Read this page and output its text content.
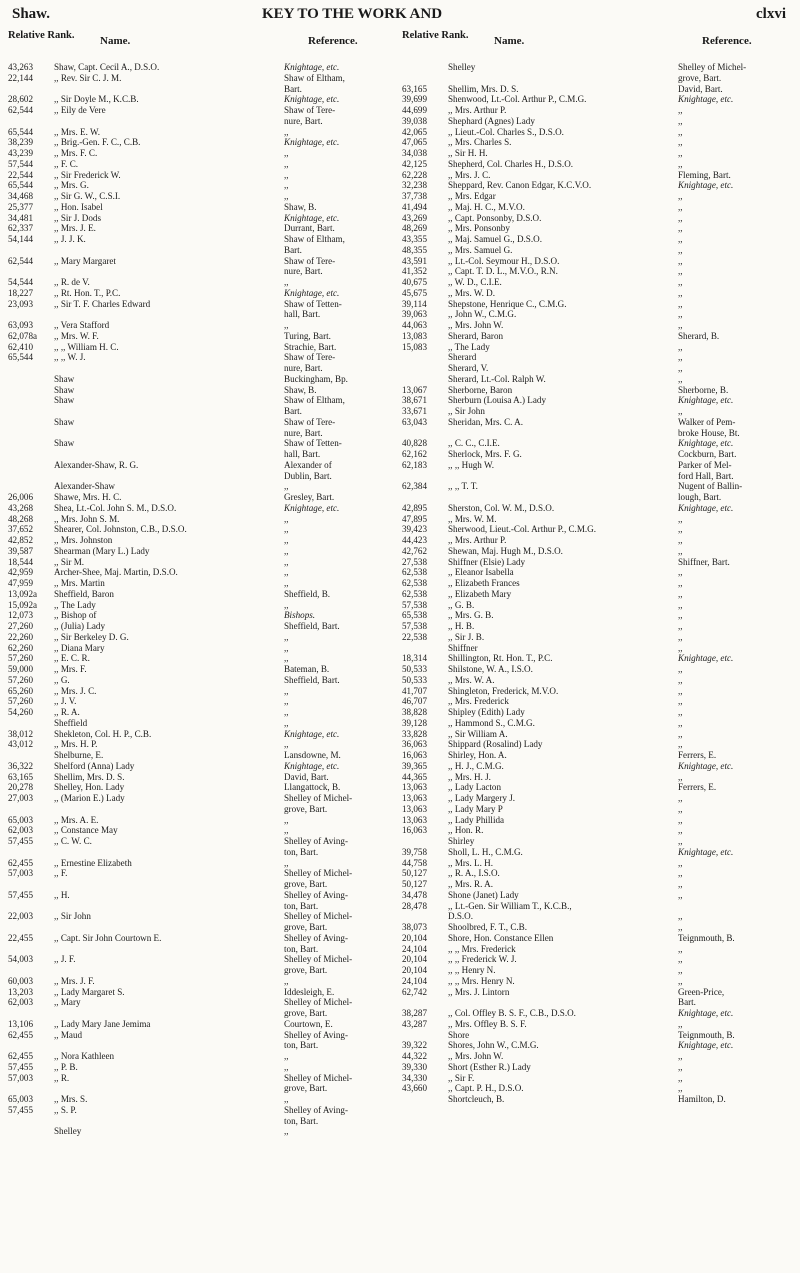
Shaw.	KEY TO THE WORK AND	clxvi
Relative Rank. Name.	Reference.
43,263	Shaw, Capt. Cecil A., D.S.O.	Knightage, etc.
22,144	,, Rev. Sir C. J. M.	Shaw of Eltham,
Bart.
28,602	,, Sir Doyle M., K.C.B.	Knightage, etc.
62,544	,, Eily de Vere	Shaw of Tere-
nure, Bart.
65,544	,, Mrs. E. W.	,,
38,239	,, Brig.-Gen. F. C., C.B.	Knightage, etc.
43,239	,, Mrs. F. C.	,,
57,544	,, F. C.	,,
22,544	,, Sir Frederick W.	,,
65,544	,, Mrs. G.	,,
34,468	,, Sir G. W., C.S.I.	,,
25,377	,, Hon. Isabel	Shaw, B.
34,481	,, Sir J. Dods	Knightage, etc.
62,337	,, Mrs. J. E.	Durrant, Bart.
54,144	,, J. J. K.	Shaw of Eltham,
Bart.
62,544	,, Mary Margaret	Shaw of Tere-
nure, Bart.
54,544	,, R. de V.	,,
18,227	,, Rt. Hon. T., P.C.	Knightage, etc.
23,093	,, Sir T. F. Charles Edward	Shaw of Tetten-
hall, Bart.
63,093	,, Vera Stafford	,,
62,078a	,, Mrs. W. F.	Turing, Bart.
62,410	,, ,, William H. C.	Strachie, Bart.
65,544	,, ,, W. J.	Shaw of Tere-
nure, Bart.
Shaw	Buckingham, Bp.
Shaw	Shaw, B.
Shaw	Shaw of Eltham,
Bart.
Shaw	Shaw of Tere-
nure, Bart.
Shaw	Shaw of Tetten-
hall, Bart.
Alexander-Shaw, R. G.	Alexander of
Dublin, Bart.
Alexander-Shaw	,,
26,006	Shawe, Mrs. H. C.	Gresley, Bart.
43,268	Shea, Lt.-Col. John S. M., D.S.O.	Knightage, etc.
48,268	,, Mrs. John S. M.	,,
37,652	Shearer, Col. Johnston, C.B., D.S.O.	,,
42,852	,, Mrs. Johnston	,,
39,587	Shearman (Mary L.) Lady	,,
18,544	,, Sir M.	,,
42,959	Archer-Shee, Maj. Martin, D.S.O.	,,
47,959	,, Mrs. Martin	,,
13,092a	Sheffield, Baron	Sheffield, B.
15,092a	,, The Lady	,,
12,073	,, Bishop of	Bishops.
27,260	,, (Julia) Lady	Sheffield, Bart.
22,260	,, Sir Berkeley D. G.	,,
62,260	,, Diana Mary	,,
57,260	,, E. C. R.	,,
59,000	,, Mrs. F.	Bateman, B.
57,260	,, G.	Sheffield, Bart.
65,260	,, Mrs. J. C.	,,
57,260	,, J. V.	,,
54,260	,, R. A.	,,
Sheffield	,,
38,012	Shekleton, Col. H. P., C.B.	Knightage, etc.
43,012	,, Mrs. H. P.	,,
Shelburne, E.	Lansdowne, M.
36,322	Shelford (Anna) Lady	Knightage, etc.
63,165	Shellim, Mrs. D. S.	David, Bart.
20,278	Shelley, Hon. Lady	Llangattock, B.
27,003	,, (Marion E.) Lady	Shelley of Michel-
grove, Bart.
65,003	,, Mrs. A. E.	,,
62,003	,, Constance May	,,
57,455	,, C. W. C.	Shelley of Aving-
ton, Bart.
62,455	,, Ernestine Elizabeth	,,
57,003	,, F.	Shelley of Michel-
grove, Bart.
57,455	,, H.	Shelley of Aving-
ton, Bart.
22,003	,, Sir John	Shelley of Michel-
grove, Bart.
22,455	,, Capt. Sir John Courtown E.	Shelley of Aving-
ton, Bart.
54,003	,, J. F.	Shelley of Michel-
grove, Bart.
60,003	,, Mrs. J. F.	,,
13,203	,, Lady Margaret S.	Iddesleigh, E.
62,003	,, Mary	Shelley of Michel-
grove, Bart.
13,106	,, Lady Mary Jane Jemima	Courtown, E.
62,455	,, Maud	Shelley of Aving-
ton, Bart.
62,455	,, Nora Kathleen	,,
57,455	,, P. B.	,,
57,003	,, R.	Shelley of Michel-
grove, Bart.
65,003	,, Mrs. S.	,,
57,455	,, S. P.	Shelley of Aving-
ton, Bart.
Shelley	,,
Relative Rank. Name.	Reference.
Shelley	Shelley of Michel-
grove, Bart.
63,165	Shellim, Mrs. D. S.	David, Bart.
39,699	Shenwood, Lt.-Col. Arthur P., C.M.G.	Knightage, etc.
44,699	,, Mrs. Arthur P.	,,
39,038	Shephard (Agnes) Lady	,,
42,065	,, Lieut.-Col. Charles S., D.S.O.	,,
47,065	,, Mrs. Charles S.	,,
34,038	,, Sir H. H.	,,
42,125	Shepherd, Col. Charles H., D.S.O.	,,
62,228	,, Mrs. J. C.	Fleming, Bart.
32,238	Sheppard, Rev. Canon Edgar, K.C.V.O.	Knightage, etc.
37,738	,, Mrs. Edgar	,,
41,494	,, Maj. H. C., M.V.O.	,,
43,269	,, Capt. Ponsonby, D.S.O.	,,
48,269	,, Mrs. Ponsonby	,,
43,355	,, Maj. Samuel G., D.S.O.	,,
48,355	,, Mrs. Samuel G.	,,
43,591	,, Lt.-Col. Seymour H., D.S.O.	,,
41,352	,, Capt. T. D. L., M.V.O., R.N.	,,
40,675	,, W. D., C.I.E.	,,
45,675	,, Mrs. W. D.	,,
39,114	Shepstone, Henrique C., C.M.G.	,,
39,063	,, John W., C.M.G.	,,
44,063	,, Mrs. John W.	,,
13,083	Sherard, Baron	Sherard, B.
15,083	,, The Lady	,,
Sherard	,,
Sherard, V.	,,
Sherard, Lt.-Col. Ralph W.	,,
13,067	Sherborne, Baron	Sherborne, B.
38,671	Sherburn (Louisa A.) Lady	Knightage, etc.
33,671	,, Sir John	,,
63,043	Sheridan, Mrs. C. A.	Walker of Pem-
broke House, Bt.
40,828	,, C. C., C.I.E.	Knightage, etc.
62,162	Sherlock, Mrs. F. G.	Cockburn, Bart.
62,183	,, ,, Hugh W.	Parker of Mel-
ford Hall, Bart.
62,384	,, ,, T. T.	Nugent of Ballin-
lough, Bart.
42,895	Sherston, Col. W. M., D.S.O.	Knightage, etc.
47,895	,, Mrs. W. M.	,,
39,423	Sherwood, Lieut.-Col. Arthur P., C.M.G.	,,
44,423	,, Mrs. Arthur P.	,,
42,762	Shewan, Maj. Hugh M., D.S.O.	,,
27,538	Shiffner (Elsie) Lady	Shiffner, Bart.
62,538	,, Eleanor Isabella	,,
62,538	,, Elizabeth Frances	,,
62,538	,, Elizabeth Mary	,,
57,538	,, G. B.	,,
65,538	,, Mrs. G. B.	,,
57,538	,, H. B.	,,
22,538	,, Sir J. B.	,,
Shiffner	,,
18,314	Shillington, Rt. Hon. T., P.C.	Knightage, etc.
50,533	Shilstone, W. A., I.S.O.	,,
50,533	,, Mrs. W. A.	,,
41,707	Shingleton, Frederick, M.V.O.	,,
46,707	,, Mrs. Frederick	,,
38,828	Shipley (Edith) Lady	,,
39,128	,, Hammond S., C.M.G.	,,
33,828	,, Sir William A.	,,
36,063	Shippard (Rosalind) Lady	,,
16,063	Shirley, Hon. A.	Ferrers, E.
39,365	,, H. J., C.M.G.	Knightage, etc.
44,365	,, Mrs. H. J.	,,
13,063	,, Lady Lacton	Ferrers, E.
13,063	,, Lady Margery J.	,,
13,063	,, Lady Mary P	,,
13,063	,, Lady Phillida	,,
16,063	,, Hon. R.	,,
Shirley	,,
39,758	Sholl, L. H., C.M.G.	Knightage, etc.
44,758	,, Mrs. L. H.	,,
50,127	,, R. A., I.S.O.	,,
50,127	,, Mrs. R. A.	,,
34,478	Shone (Janet) Lady	,,
28,478	,, Lt.-Gen. Sir William T., K.C.B.,
D.S.O.	,,
38,073	Shoolbred, F. T., C.B.	,,
20,104	Shore, Hon. Constance Ellen	Teignmouth, B.
24,104	,, ,, Mrs. Frederick	,,
20,104	,, ,, Frederick W. J.	,,
20,104	,, ,, Henry N.	,,
24,104	,, ,, Mrs. Henry N.	,,
62,742	,, Mrs. J. Lintorn	Green-Price,
Bart.
38,287	,, Col. Offley B. S. F., C.B., D.S.O.	Knightage, etc.
43,287	,, Mrs. Offley B. S. F.	,,
Shore	Teignmouth, B.
39,322	Shores, John W., C.M.G.	Knightage, etc.
44,322	,, Mrs. John W.	,,
39,330	Short (Esther R.) Lady	,,
34,330	,, Sir F.	,,
43,660	,, Capt. P. H., D.S.O.	,,
Shortcleuch, B.	Hamilton, D.
